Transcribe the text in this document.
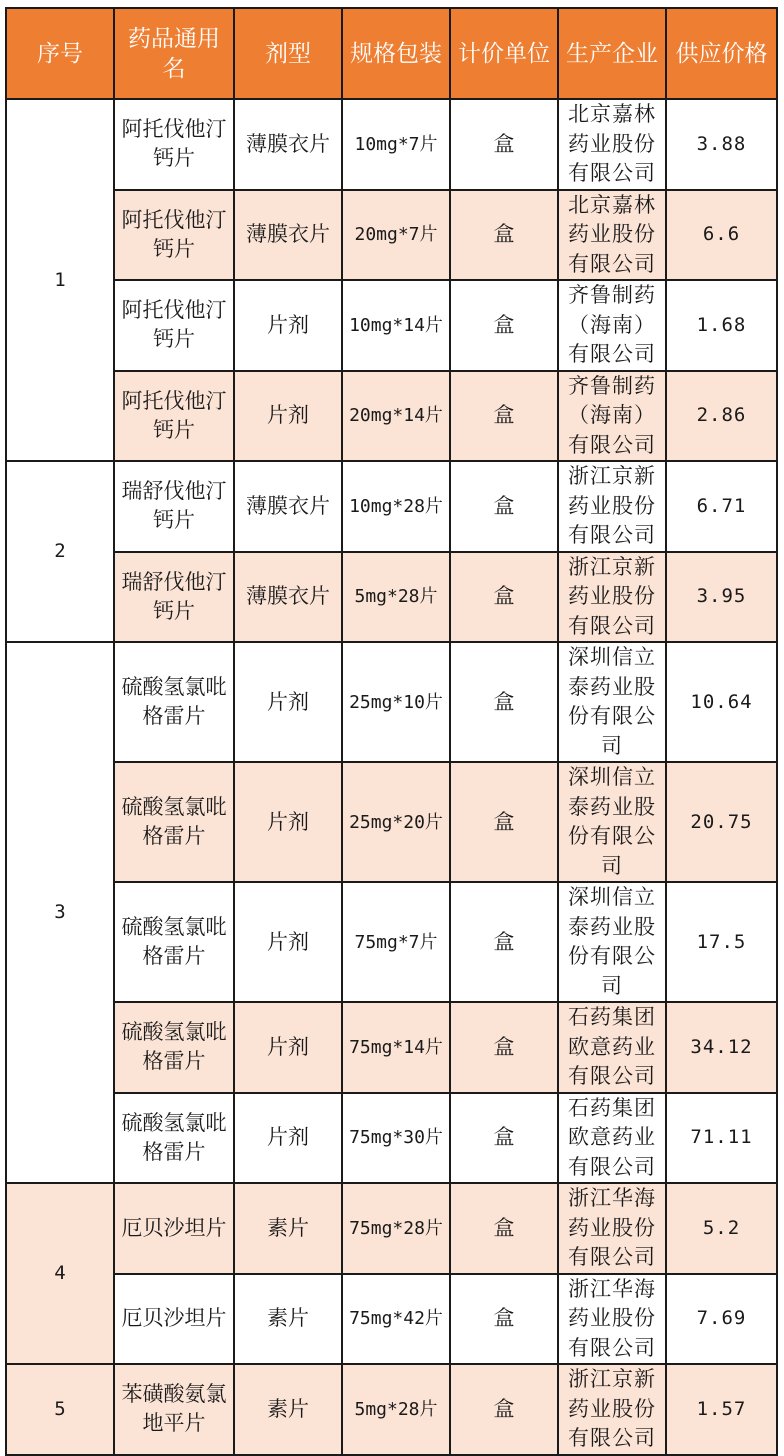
序号	药品通用名	剂型	规格包装	计价单位	生产企业	供应价格
1	阿托伐他汀钙片	薄膜衣片	10mg*7片	盒	北京嘉林药业股份有限公司	3.88
	阿托伐他汀钙片	薄膜衣片	20mg*7片	盒	北京嘉林药业股份有限公司	6.6
	阿托伐他汀钙片	片剂	10mg*14片	盒	齐鲁制药（海南）有限公司	1.68
	阿托伐他汀钙片	片剂	20mg*14片	盒	齐鲁制药（海南）有限公司	2.86
2	瑞舒伐他汀钙片	薄膜衣片	10mg*28片	盒	浙江京新药业股份有限公司	6.71
	瑞舒伐他汀钙片	薄膜衣片	5mg*28片	盒	浙江京新药业股份有限公司	3.95
3	硫酸氢氯吡格雷片	片剂	25mg*10片	盒	深圳信立泰药业股份有限公司	10.64
	硫酸氢氯吡格雷片	片剂	25mg*20片	盒	深圳信立泰药业股份有限公司	20.75
	硫酸氢氯吡格雷片	片剂	75mg*7片	盒	深圳信立泰药业股份有限公司	17.5
	硫酸氢氯吡格雷片	片剂	75mg*14片	盒	石药集团欧意药业有限公司	34.12
	硫酸氢氯吡格雷片	片剂	75mg*30片	盒	石药集团欧意药业有限公司	71.11
4	厄贝沙坦片	素片	75mg*28片	盒	浙江华海药业股份有限公司	5.2
	厄贝沙坦片	素片	75mg*42片	盒	浙江华海药业股份有限公司	7.69
5	苯磺酸氨氯地平片	素片	5mg*28片	盒	浙江京新药业股份有限公司	1.57
